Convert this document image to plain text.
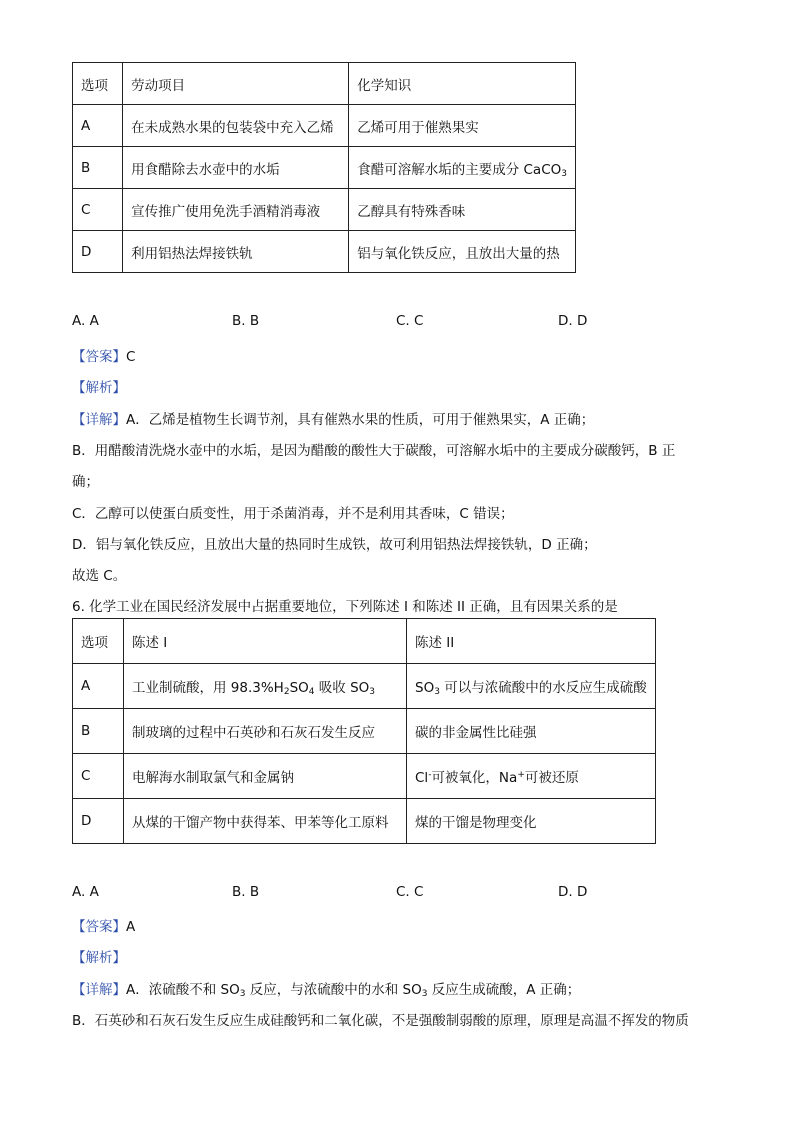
选项	劳动项目	化学知识
A	在未成熟水果的包装袋中充入乙烯	乙烯可用于催熟果实
B	用食醋除去水壶中的水垢	食醋可溶解水垢的主要成分 CaCO$_3$
C	宣传推广使用免洗手酒精消毒液	乙醇具有特殊香味
D	利用铝热法焊接铁轨	铝与氧化铁反应，且放出大量的热
A. A	B. B	C. C	D. D
【答案】C
【解析】
【详解】A．乙烯是植物生长调节剂，具有催熟水果的性质，可用于催熟果实，A 正确；
B．用醋酸清洗烧水壶中的水垢，是因为醋酸的酸性大于碳酸，可溶解水垢中的主要成分碳酸钙，B 正
确；
C．乙醇可以使蛋白质变性，用于杀菌消毒，并不是利用其香味，C 错误；
D．铝与氧化铁反应，且放出大量的热同时生成铁，故可利用铝热法焊接铁轨，D 正确；
故选 C。
6. 化学工业在国民经济发展中占据重要地位，下列陈述 I 和陈述 II 正确，且有因果关系的是
选项	陈述 I	陈述 II
A	工业制硫酸，用 $98.3\%H_2SO_4$ 吸收 $SO_3$	$SO_3$ 可以与浓硫酸中的水反应生成硫酸
B	制玻璃的过程中石英砂和石灰石发生反应	碳的非金属性比硅强
C	电解海水制取氯气和金属钠	Cl-可被氧化，Na+可被还原
D	从煤的干馏产物中获得苯、甲苯等化工原料	煤的干馏是物理变化
A. A	B. B	C. C	D. D
【答案】A
【解析】
【详解】A．浓硫酸不和 $SO_3$ 反应，与浓硫酸中的水和 $SO_3$ 反应生成硫酸，A 正确；
B．石英砂和石灰石发生反应生成硅酸钙和二氧化碳，不是强酸制弱酸的原理，原理是高温不挥发的物质
